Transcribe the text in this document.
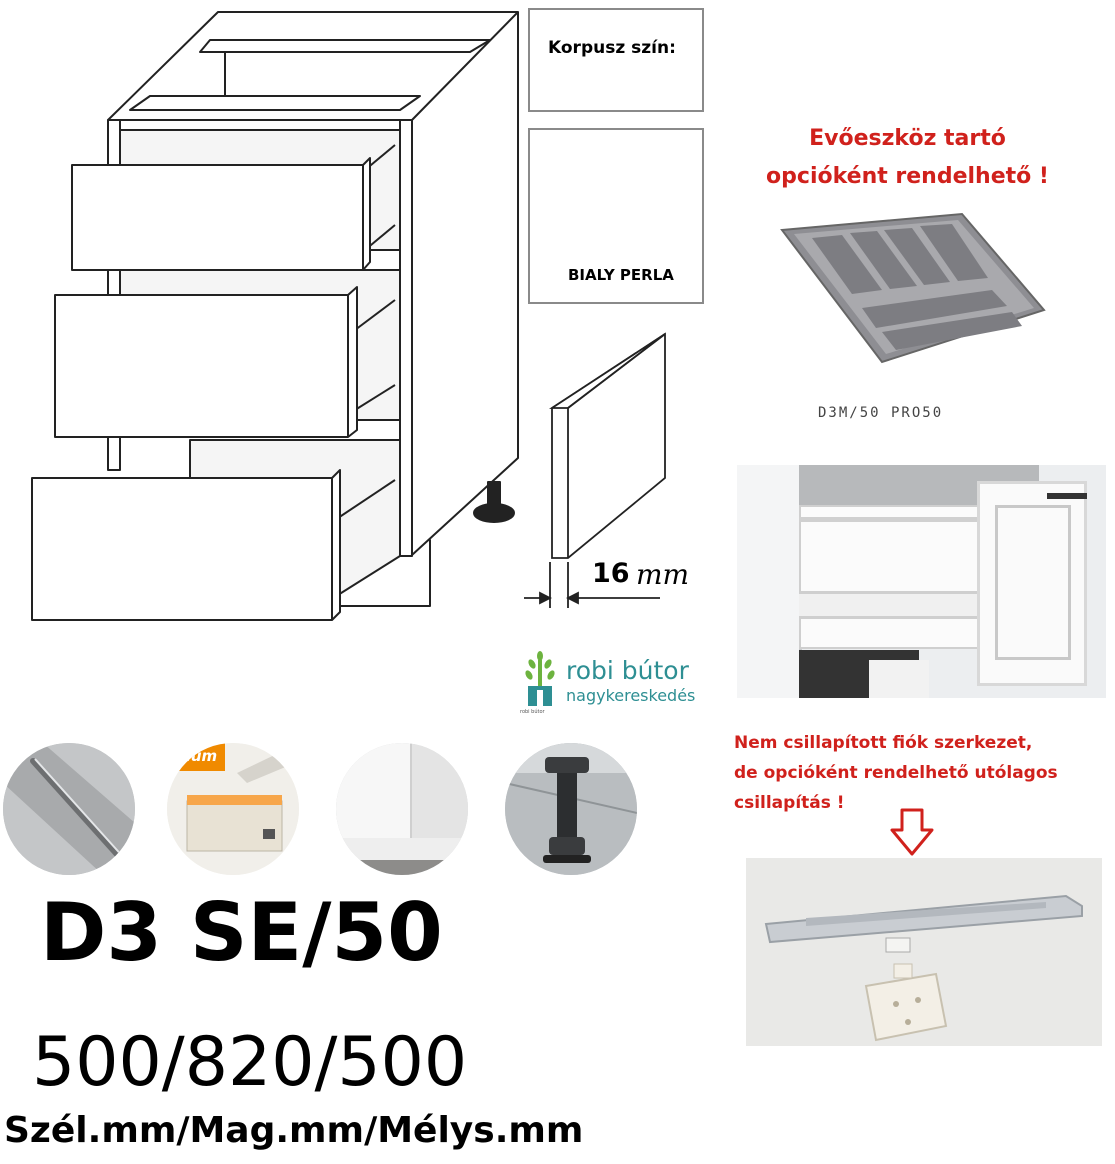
Korpusz szín:
BIALY PERLA
16 mm
robi bútor
robi bútor
nagykereskedés
Evőeszköz tartó
opcióként rendelhető !
D3M/50 PRO50
Nem csillapított fiók szerkezet,
de opcióként rendelhető utólagos
csillapítás !
blum
D3 SE/50
500/820/500
Szél.mm/Mag.mm/Mélys.mm
